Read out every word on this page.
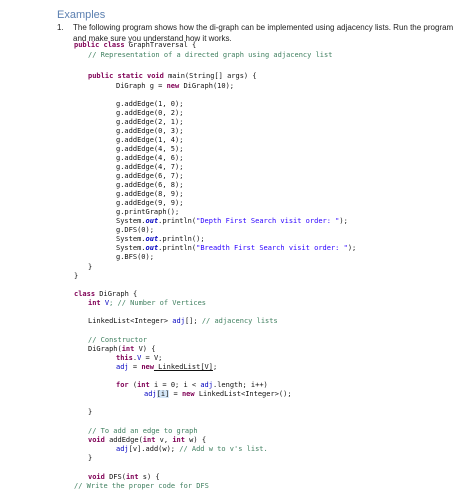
Examples

1.	The following program shows how the di-graph can be implemented using adjacency lists. Run the program and make sure you understand how it works.
public class GraphTraversal {
// Representation of a directed graph using adjacency list
public static void main(String[] args) {
DiGraph g = new DiGraph(10);
g.addEdge(1, 0);
g.addEdge(0, 2);
g.addEdge(2, 1);
g.addEdge(0, 3);
g.addEdge(1, 4);
g.addEdge(4, 5);
g.addEdge(4, 6);
g.addEdge(4, 7);
g.addEdge(6, 7);
g.addEdge(6, 8);
g.addEdge(8, 9);
g.addEdge(9, 9);
g.printGraph();
System.out.println("Depth First Search visit order: ");
g.DFS(0);
System.out.println();
System.out.println("Breadth First Search visit order: ");
g.BFS(0);
}
}
class DiGraph {
int V; // Number of Vertices
LinkedList<Integer> adj[]; // adjacency lists
// Constructor
DiGraph(int V) {
this.V = V;
adj = new LinkedList[V];
for (int i = 0; i < adj.length; i++)
adj[i] = new LinkedList<Integer>();
}
// To add an edge to graph
void addEdge(int v, int w) {
adj[v].add(w); // Add w to v's list.
}
void DFS(int s) {
// Write the proper code for DFS
